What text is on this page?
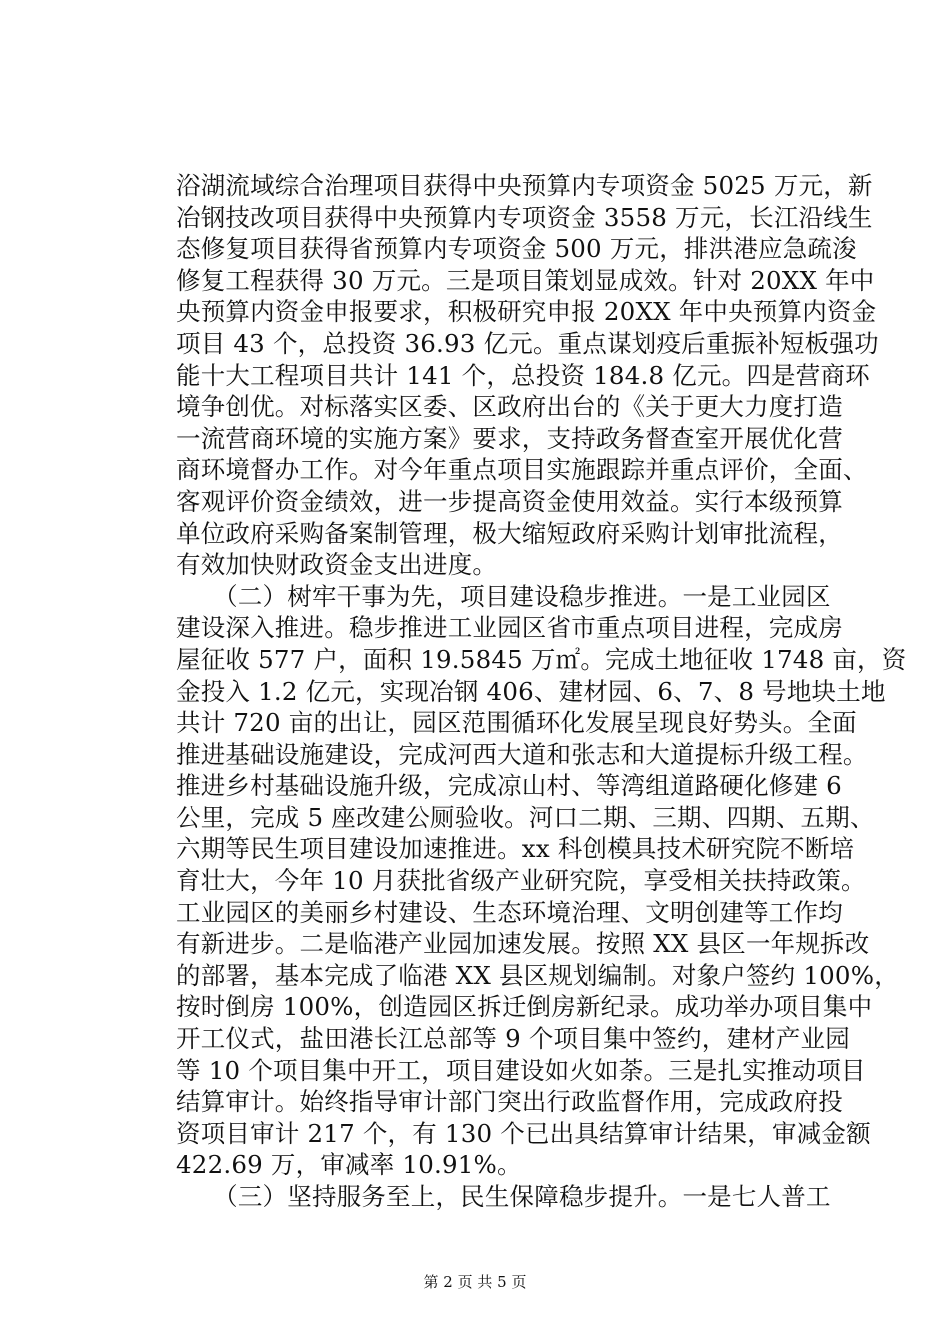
浴湖流域综合治理项目获得中央预算内专项资金 5025 万元，新
冶钢技改项目获得中央预算内专项资金 3558 万元，长江沿线生
态修复项目获得省预算内专项资金 500 万元，排洪港应急疏浚
修复工程获得 30 万元。三是项目策划显成效。针对 20XX 年中
央预算内资金申报要求，积极研究申报 20XX 年中央预算内资金
项目 43 个，总投资 36.93 亿元。重点谋划疫后重振补短板强功
能十大工程项目共计 141 个，总投资 184.8 亿元。四是营商环
境争创优。对标落实区委、区政府出台的《关于更大力度打造
一流营商环境的实施方案》要求，支持政务督查室开展优化营
商环境督办工作。对今年重点项目实施跟踪并重点评价，全面、
客观评价资金绩效，进一步提高资金使用效益。实行本级预算
单位政府采购备案制管理，极大缩短政府采购计划审批流程，
有效加快财政资金支出进度。
　　（二）树牢干事为先，项目建设稳步推进。一是工业园区
建设深入推进。稳步推进工业园区省市重点项目进程，完成房
屋征收 577 户，面积 19.5845 万㎡。完成土地征收 1748 亩，资
金投入 1.2 亿元，实现冶钢 406、建材园、6、7、8 号地块土地
共计 720 亩的出让，园区范围循环化发展呈现良好势头。全面
推进基础设施建设，完成河西大道和张志和大道提标升级工程。
推进乡村基础设施升级，完成凉山村、等湾组道路硬化修建 6
公里，完成 5 座改建公厕验收。河口二期、三期、四期、五期、
六期等民生项目建设加速推进。xx 科创模具技术研究院不断培
育壮大，今年 10 月获批省级产业研究院，享受相关扶持政策。
工业园区的美丽乡村建设、生态环境治理、文明创建等工作均
有新进步。二是临港产业园加速发展。按照 XX 县区一年规拆改
的部署，基本完成了临港 XX 县区规划编制。对象户签约 100%，
按时倒房 100%，创造园区拆迁倒房新纪录。成功举办项目集中
开工仪式，盐田港长江总部等 9 个项目集中签约，建材产业园
等 10 个项目集中开工，项目建设如火如荼。三是扎实推动项目
结算审计。始终指导审计部门突出行政监督作用，完成政府投
资项目审计 217 个，有 130 个已出具结算审计结果，审减金额
422.69 万，审减率 10.91%。
　　（三）坚持服务至上，民生保障稳步提升。一是七人普工
第 2 页 共 5 页
